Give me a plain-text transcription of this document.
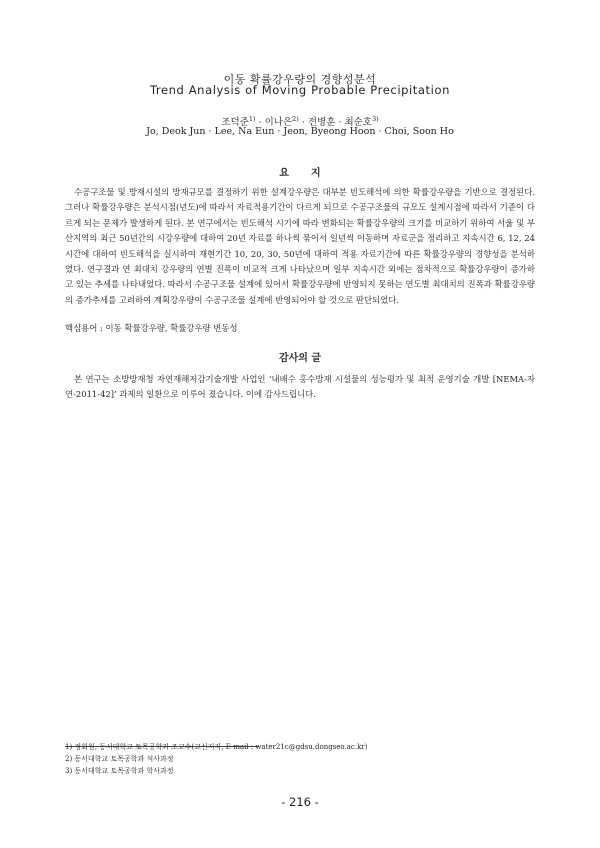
이동 확률강우량의 경향성분석
Trend Analysis of Moving Probable Precipitation
조덕준$^{1)}$ · 이나은$^{2)}$ · 전병훈 · 최순호$^{3)}$
Jo, Deok Jun · Lee, Na Eun · Jeon, Byeong Hoon · Choi, Soon Ho
요지

수공구조물 및 방재시설의 방재규모를 결정하기 위한 설계강우량은 대부분 빈도해석에 의한 확률강우량을 기반으로 결정된다. 그러나 확률강우량은 분석시점(년도)에 따라서 자료적용기간이 다르게 되므로 수공구조물의 규모도 설계시점에 따라서 기준이 다르게 되는 문제가 발생하게 된다. 본 연구에서는 빈도해석 시기에 따라 변화되는 확률강우량의 크기를 비교하기 위하여 서울 및 부산지역의 최근 50년간의 시강우량에 대하여 20년 자료를 하나씩 묶어서 일년씩 이동하며 자료군을 정리하고 지속시간 6, 12, 24시간에 대하여 빈도해석을 실시하여 재현기간 10, 20, 30, 50년에 대하여 적용 자료기간에 따른 확률강우량의 경향성을 분석하였다. 연구결과 연 최대치 강우량의 연별 진폭이 비교적 크게 나타났으며 일부 지속시간 외에는 점차적으로 확률강우량이 증가하고 있는 추세를 나타내었다. 따라서 수공구조물 설계에 있어서 확률강우량에 반영되지 못하는 연도별 최대치의 진폭과 확률강우량의 증가추세를 고려하여 계획강우량이 수공구조물 설계에 반영되어야 할 것으로 판단되었다.

핵심용어 : 이동 확률강우량, 확률강우량 변동성
감사의 글

본 연구는 소방방재청 자연재해저감기술개발 사업인 ‘내배수 홍수방재 시설물의 성능평가 및 최적 운영기술 개발 [NEMA-자연-2011-42]’ 과제의 일환으로 이루어 졌습니다. 이에 감사드립니다.

1) 정회원, 동서대학교 토목공학과 조교수(교신저자, E-mail : water21c@gdsu.dongseo.ac.kr)
2) 동서대학교 토목공학과 석사과정
3) 동서대학교 토목공학과 학사과정
- 216 -
